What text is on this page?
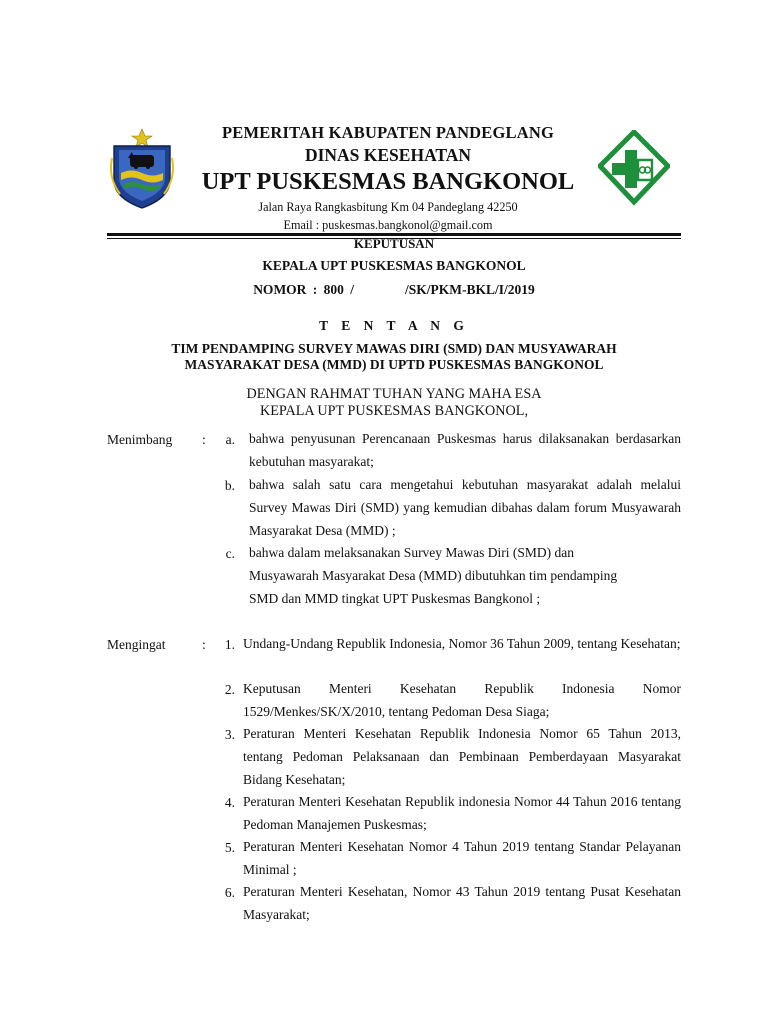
PEMERITAH KABUPATEN PANDEGLANG
DINAS KESEHATAN
UPT PUSKESMAS BANGKONOL
Jalan Raya Rangkasbitung Km 04 Pandeglang 42250
Email : puskesmas.bangkonol@gmail.com
KEPUTUSAN
KEPALA UPT PUSKESMAS BANGKONOL
NOMOR : 800 /        /SK/PKM-BKL/I/2019
T E N T A N G
TIM PENDAMPING SURVEY MAWAS DIRI (SMD) DAN MUSYAWARAH
MASYARAKAT DESA (MMD) DI UPTD PUSKESMAS BANGKONOL
DENGAN RAHMAT TUHAN YANG MAHA ESA
KEPALA UPT PUSKESMAS BANGKONOL,
Menimbang :	a. bahwa penyusunan Perencanaan Puskesmas harus dilaksanakan berdasarkan kebutuhan masyarakat;
b. bahwa salah satu cara mengetahui kebutuhan masyarakat adalah melalui Survey Mawas Diri (SMD) yang kemudian dibahas dalam forum Musyawarah Masyarakat Desa (MMD) ;
c. bahwa dalam melaksanakan Survey Mawas Diri (SMD) dan Musyawarah Masyarakat Desa (MMD) dibutuhkan tim pendamping SMD dan MMD tingkat UPT Puskesmas Bangkonol ;
Mengingat	:	1. Undang-Undang Republik Indonesia, Nomor 36 Tahun 2009, tentang Kesehatan;
2. Keputusan Menteri Kesehatan Republik Indonesia Nomor 1529/Menkes/SK/X/2010, tentang Pedoman Desa Siaga;
3. Peraturan Menteri Kesehatan Republik Indonesia Nomor 65 Tahun 2013, tentang Pedoman Pelaksanaan dan Pembinaan Pemberdayaan Masyarakat Bidang Kesehatan;
4. Peraturan Menteri Kesehatan Republik indonesia Nomor 44 Tahun 2016 tentang Pedoman Manajemen Puskesmas;
5. Peraturan Menteri Kesehatan Nomor 4 Tahun 2019 tentang Standar Pelayanan Minimal ;
6. Peraturan Menteri Kesehatan, Nomor 43 Tahun 2019 tentang Pusat Kesehatan Masyarakat;
